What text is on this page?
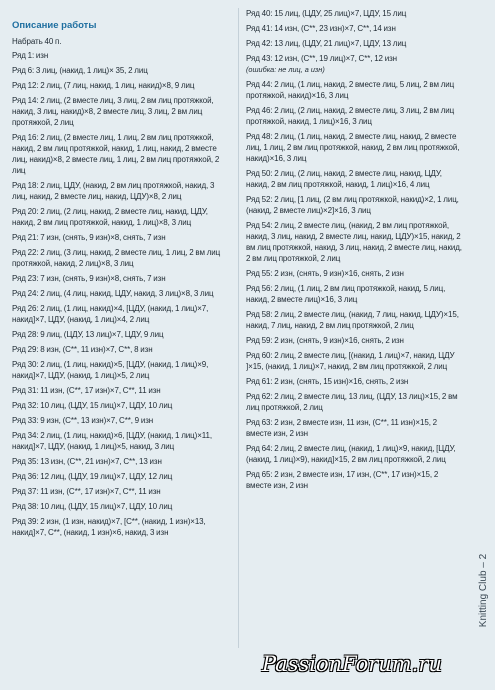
Описание работы
Набрать 40 п.
Ряд 1: изн
Ряд 6: 3 лиц, (накид, 1 лиц)× 35, 2 лиц
Ряд 12: 2 лиц, (7 лиц, накид, 1 лиц, накид)×8, 9 лиц
Ряд 14: 2 лиц, (2 вместе лиц, 3 лиц, 2 вм лиц протяжкой, накид, 3 лиц, накид)×8, 2 вместе лиц, 3 лиц, 2 вм лиц протяжкой, 2 лиц
Ряд 16: 2 лиц, (2 вместе лиц, 1 лиц, 2 вм лиц протяжкой, накид, 2 вм лиц протяжкой, накид, 1 лиц, накид, 2 вместе лиц, накид)×8, 2 вместе лиц, 1 лиц, 2 вм лиц протяжкой, 2 лиц
Ряд 18: 2 лиц, ЦДУ, (накид, 2 вм лиц протяжкой, накид, 3 лиц, накид, 2 вместе лиц, накид, ЦДУ)×8, 2 лиц
Ряд 20: 2 лиц, (2 лиц, накид, 2 вместе лиц, накид, ЦДУ, накид, 2 вм лиц протяжкой, накид, 1 лиц)×8, 3 лиц
Ряд 21: 7 изн, (снять, 9 изн)×8, снять, 7 изн
Ряд 22: 2 лиц, (3 лиц, накид, 2 вместе лиц, 1 лиц, 2 вм лиц протяжкой, накид, 2 лиц)×8, 3 лиц
Ряд 23: 7 изн, (снять, 9 изн)×8, снять, 7 изн
Ряд 24: 2 лиц, (4 лиц, накид, ЦДУ, накид, 3 лиц)×8, 3 лиц
Ряд 26: 2 лиц, (1 лиц, накид)×4, [ЦДУ, (накид, 1 лиц)×7, накид]×7, ЦДУ, (накид, 1 лиц)×4, 2 лиц
Ряд 28: 9 лиц, (ЦДУ, 13 лиц)×7, ЦДУ, 9 лиц
Ряд 29: 8 изн, (С**, 11 изн)×7, С**, 8 изн
Ряд 30: 2 лиц, (1 лиц, накид)×5, [ЦДУ, (накид, 1 лиц)×9, накид]×7, ЦДУ, (накид, 1 лиц)×5, 2 лиц
Ряд 31: 11 изн, (С**, 17 изн)×7, С**, 11 изн
Ряд 32: 10 лиц, (ЦДУ, 15 лиц)×7, ЦДУ, 10 лиц
Ряд 33: 9 изн, (С**, 13 изн)×7, С**, 9 изн
Ряд 34: 2 лиц, (1 лиц, накид)×6, [ЦДУ, (накид, 1 лиц)×11, накид]×7, ЦДУ, (накид, 1 лиц)×5, накид, 3 лиц
Ряд 35: 13 изн, (С**, 21 изн)×7, С**, 13 изн
Ряд 36: 12 лиц, (ЦДУ, 19 лиц)×7, ЦДУ, 12 лиц
Ряд 37: 11 изн, (С**, 17 изн)×7, С**, 11 изн
Ряд 38: 10 лиц, (ЦДУ, 15 лиц)×7, ЦДУ, 10 лиц
Ряд 39: 2 изн, (1 изн, накид)×7, [С**, (накид, 1 изн)×13, накид]×7, С**, (накид, 1 изн)×6, накид, 3 изн
Ряд 40: 15 лиц, (ЦДУ, 25 лиц)×7, ЦДУ, 15 лиц
Ряд 41: 14 изн, (С**, 23 изн)×7, С**, 14 изн
Ряд 42: 13 лиц, (ЦДУ, 21 лиц)×7, ЦДУ, 13 лиц
Ряд 43: 12 изн, (С**, 19 лиц)×7, С**, 12 изн
(ошибка: не лиц, а изн)
Ряд 44: 2 лиц, (1 лиц, накид, 2 вместе лиц, 5 лиц, 2 вм лиц протяжкой, накид)×16, 3 лиц
Ряд 46: 2 лиц, (2 лиц, накид, 2 вместе лиц, 3 лиц, 2 вм лиц протяжкой, накид, 1 лиц)×16, 3 лиц
Ряд 48: 2 лиц, (1 лиц, накид, 2 вместе лиц, накид, 2 вместе лиц, 1 лиц, 2 вм лиц протяжкой, накид, 2 вм лиц протяжкой, накид)×16, 3 лиц
Ряд 50: 2 лиц, (2 лиц, накид, 2 вместе лиц, накид, ЦДУ, накид, 2 вм лиц протяжкой, накид, 1 лиц)×16, 4 лиц
Ряд 52: 2 лиц, [1 лиц, (2 вм лиц протяжкой, накид)×2, 1 лиц, (накид, 2 вместе лиц)×2]×16, 3 лиц
Ряд 54: 2 лиц, 2 вместе лиц, (накид, 2 вм лиц протяжкой, накид, 3 лиц, накид, 2 вместе лиц, накид, ЦДУ)×15, накид, 2 вм лиц протяжкой, накид, 3 лиц, накид, 2 вместе лиц, накид, 2 вм лиц протяжкой, 2 лиц
Ряд 55: 2 изн, (снять, 9 изн)×16, снять, 2 изн
Ряд 56: 2 лиц, (1 лиц, 2 вм лиц протяжкой, накид, 5 лиц, накид, 2 вместе лиц)×16, 3 лиц
Ряд 58: 2 лиц, 2 вместе лиц, (накид, 7 лиц, накид, ЦДУ)×15, накид, 7 лиц, накид, 2 вм лиц протяжкой, 2 лиц
Ряд 59: 2 изн, (снять, 9 изн)×16, снять, 2 изн
Ряд 60: 2 лиц, 2 вместе лиц, [(накид, 1 лиц)×7, накид, ЦДУ ]×15, (накид, 1 лиц)×7, накид, 2 вм лиц протяжкой, 2 лиц
Ряд 61: 2 изн, (снять, 15 изн)×16, снять, 2 изн
Ряд 62: 2 лиц, 2 вместе лиц, 13 лиц, (ЦДУ, 13 лиц)×15, 2 вм лиц протяжкой, 2 лиц
Ряд 63: 2 изн, 2 вместе изн, 11 изн, (С**, 11 изн)×15, 2 вместе изн, 2 изн
Ряд 64: 2 лиц, 2 вместе лиц, (накид, 1 лиц)×9, накид, [ЦДУ, (накид, 1 лиц)×9), накид]×15, 2 вм лиц протяжкой, 2 лиц
Ряд 65: 2 изн, 2 вместе изн, 17 изн, (С**, 17 изн)×15, 2 вместе изн, 2 изн
Knitting Club – 2
PassionForum.ru
